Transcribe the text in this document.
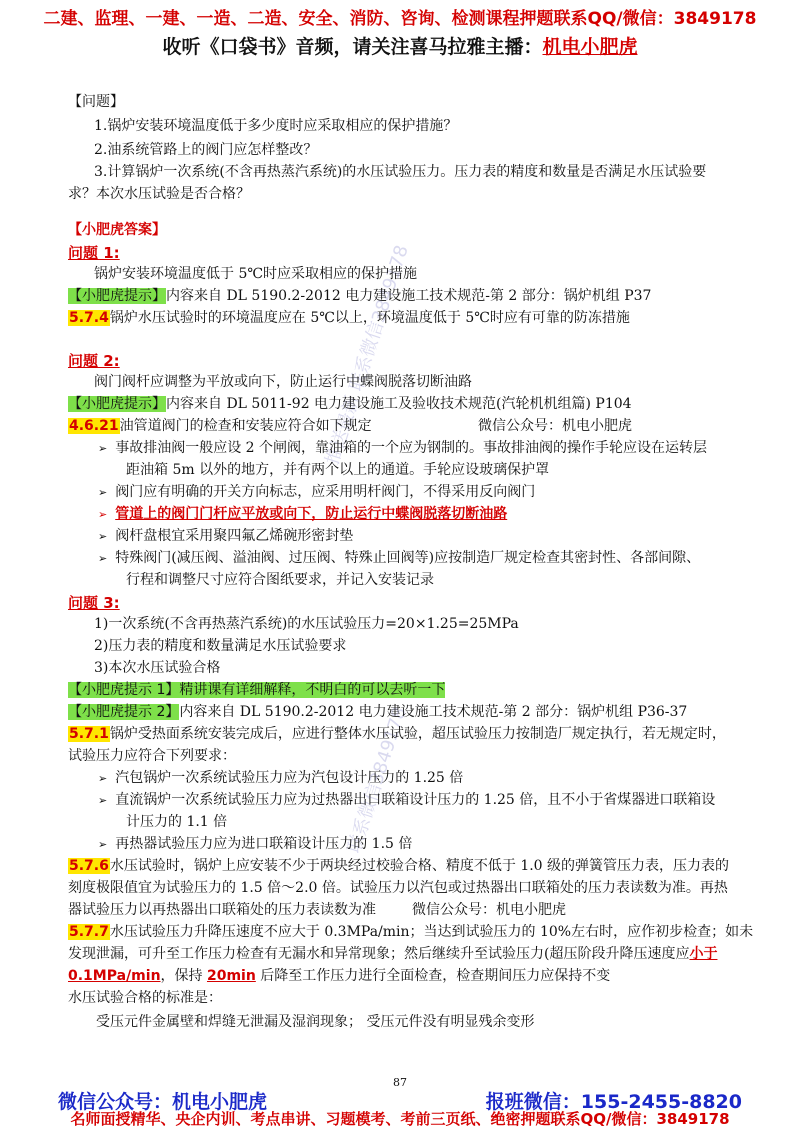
二建、监理、一建、一造、二造、安全、消防、咨询、检测课程押题联系QQ/微信：3849178
收听《口袋书》音频，请关注喜马拉雅主播：机电小肥虎
推送最新 联系微信3849178
联系微信3849178
【问题】
1.锅炉安装环境温度低于多少度时应采取相应的保护措施？
2.油系统管路上的阀门应怎样整改？
3.计算锅炉一次系统(不含再热蒸汽系统)的水压试验压力。压力表的精度和数量是否满足水压试验要
求？本次水压试验是否合格？
【小肥虎答案】
问题 1:
锅炉安装环境温度低于 5℃时应采取相应的保护措施
【小肥虎提示】内容来自 DL 5190.2-2012 电力建设施工技术规范-第 2 部分：锅炉机组 P37
5.7.4锅炉水压试验时的环境温度应在 5℃以上，环境温度低于 5℃时应有可靠的防冻措施
问题 2:
阀门阀杆应调整为平放或向下，防止运行中蝶阀脱落切断油路
【小肥虎提示】内容来自 DL 5011-92 电力建设施工及验收技术规范(汽轮机机组篇) P104
4.6.21油管道阀门的检查和安装应符合如下规定	微信公众号：机电小肥虎
➢ 事故排油阀一般应设 2 个闸阀，靠油箱的一个应为钢制的。事故排油阀的操作手轮应设在运转层
距油箱 5m 以外的地方，并有两个以上的通道。手轮应设玻璃保护罩
➢ 阀门应有明确的开关方向标志，应采用明杆阀门，不得采用反向阀门
➢ 管道上的阀门门杆应平放或向下，防止运行中蝶阀脱落切断油路
➢ 阀杆盘根宜采用聚四氟乙烯碗形密封垫
➢ 特殊阀门(减压阀、溢油阀、过压阀、特殊止回阀等)应按制造厂规定检查其密封性、各部间隙、
行程和调整尺寸应符合图纸要求，并记入安装记录
问题 3:
1)一次系统(不含再热蒸汽系统)的水压试验压力=20×1.25=25MPa
2)压力表的精度和数量满足水压试验要求
3)本次水压试验合格
【小肥虎提示 1】精讲课有详细解释，不明白的可以去听一下
【小肥虎提示 2】内容来自 DL 5190.2-2012 电力建设施工技术规范-第 2 部分：锅炉机组 P36-37
5.7.1锅炉受热面系统安装完成后，应进行整体水压试验，超压试验压力按制造厂规定执行，若无规定时，
试验压力应符合下列要求：
➢ 汽包锅炉一次系统试验压力应为汽包设计压力的 1.25 倍
➢ 直流锅炉一次系统试验压力应为过热器出口联箱设计压力的 1.25 倍，且不小于省煤器进口联箱设
计压力的 1.1 倍
➢ 再热器试验压力应为进口联箱设计压力的 1.5 倍
5.7.6水压试验时，锅炉上应安装不少于两块经过校验合格、精度不低于 1.0 级的弹簧管压力表，压力表的
刻度极限值宜为试验压力的 1.5 倍～2.0 倍。试验压力以汽包或过热器出口联箱处的压力表读数为准。再热
器试验压力以再热器出口联箱处的压力表读数为准	微信公众号：机电小肥虎
5.7.7水压试验压力升降压速度不应大于 0.3MPa/min；当达到试验压力的 10%左右时，应作初步检查；如未
发现泄漏，可升至工作压力检查有无漏水和异常现象；然后继续升至试验压力(超压阶段升降压速度应小于
0.1MPa/min，保持 20min 后降至工作压力进行全面检查，检查期间压力应保持不变
水压试验合格的标准是：
受压元件金属壁和焊缝无泄漏及湿润现象； 受压元件没有明显残余变形
87
微信公众号：机电小肥虎	报班微信：155-2455-8820
名师面授精华、央企内训、考点串讲、习题模考、考前三页纸、绝密押题联系QQ/微信：3849178
